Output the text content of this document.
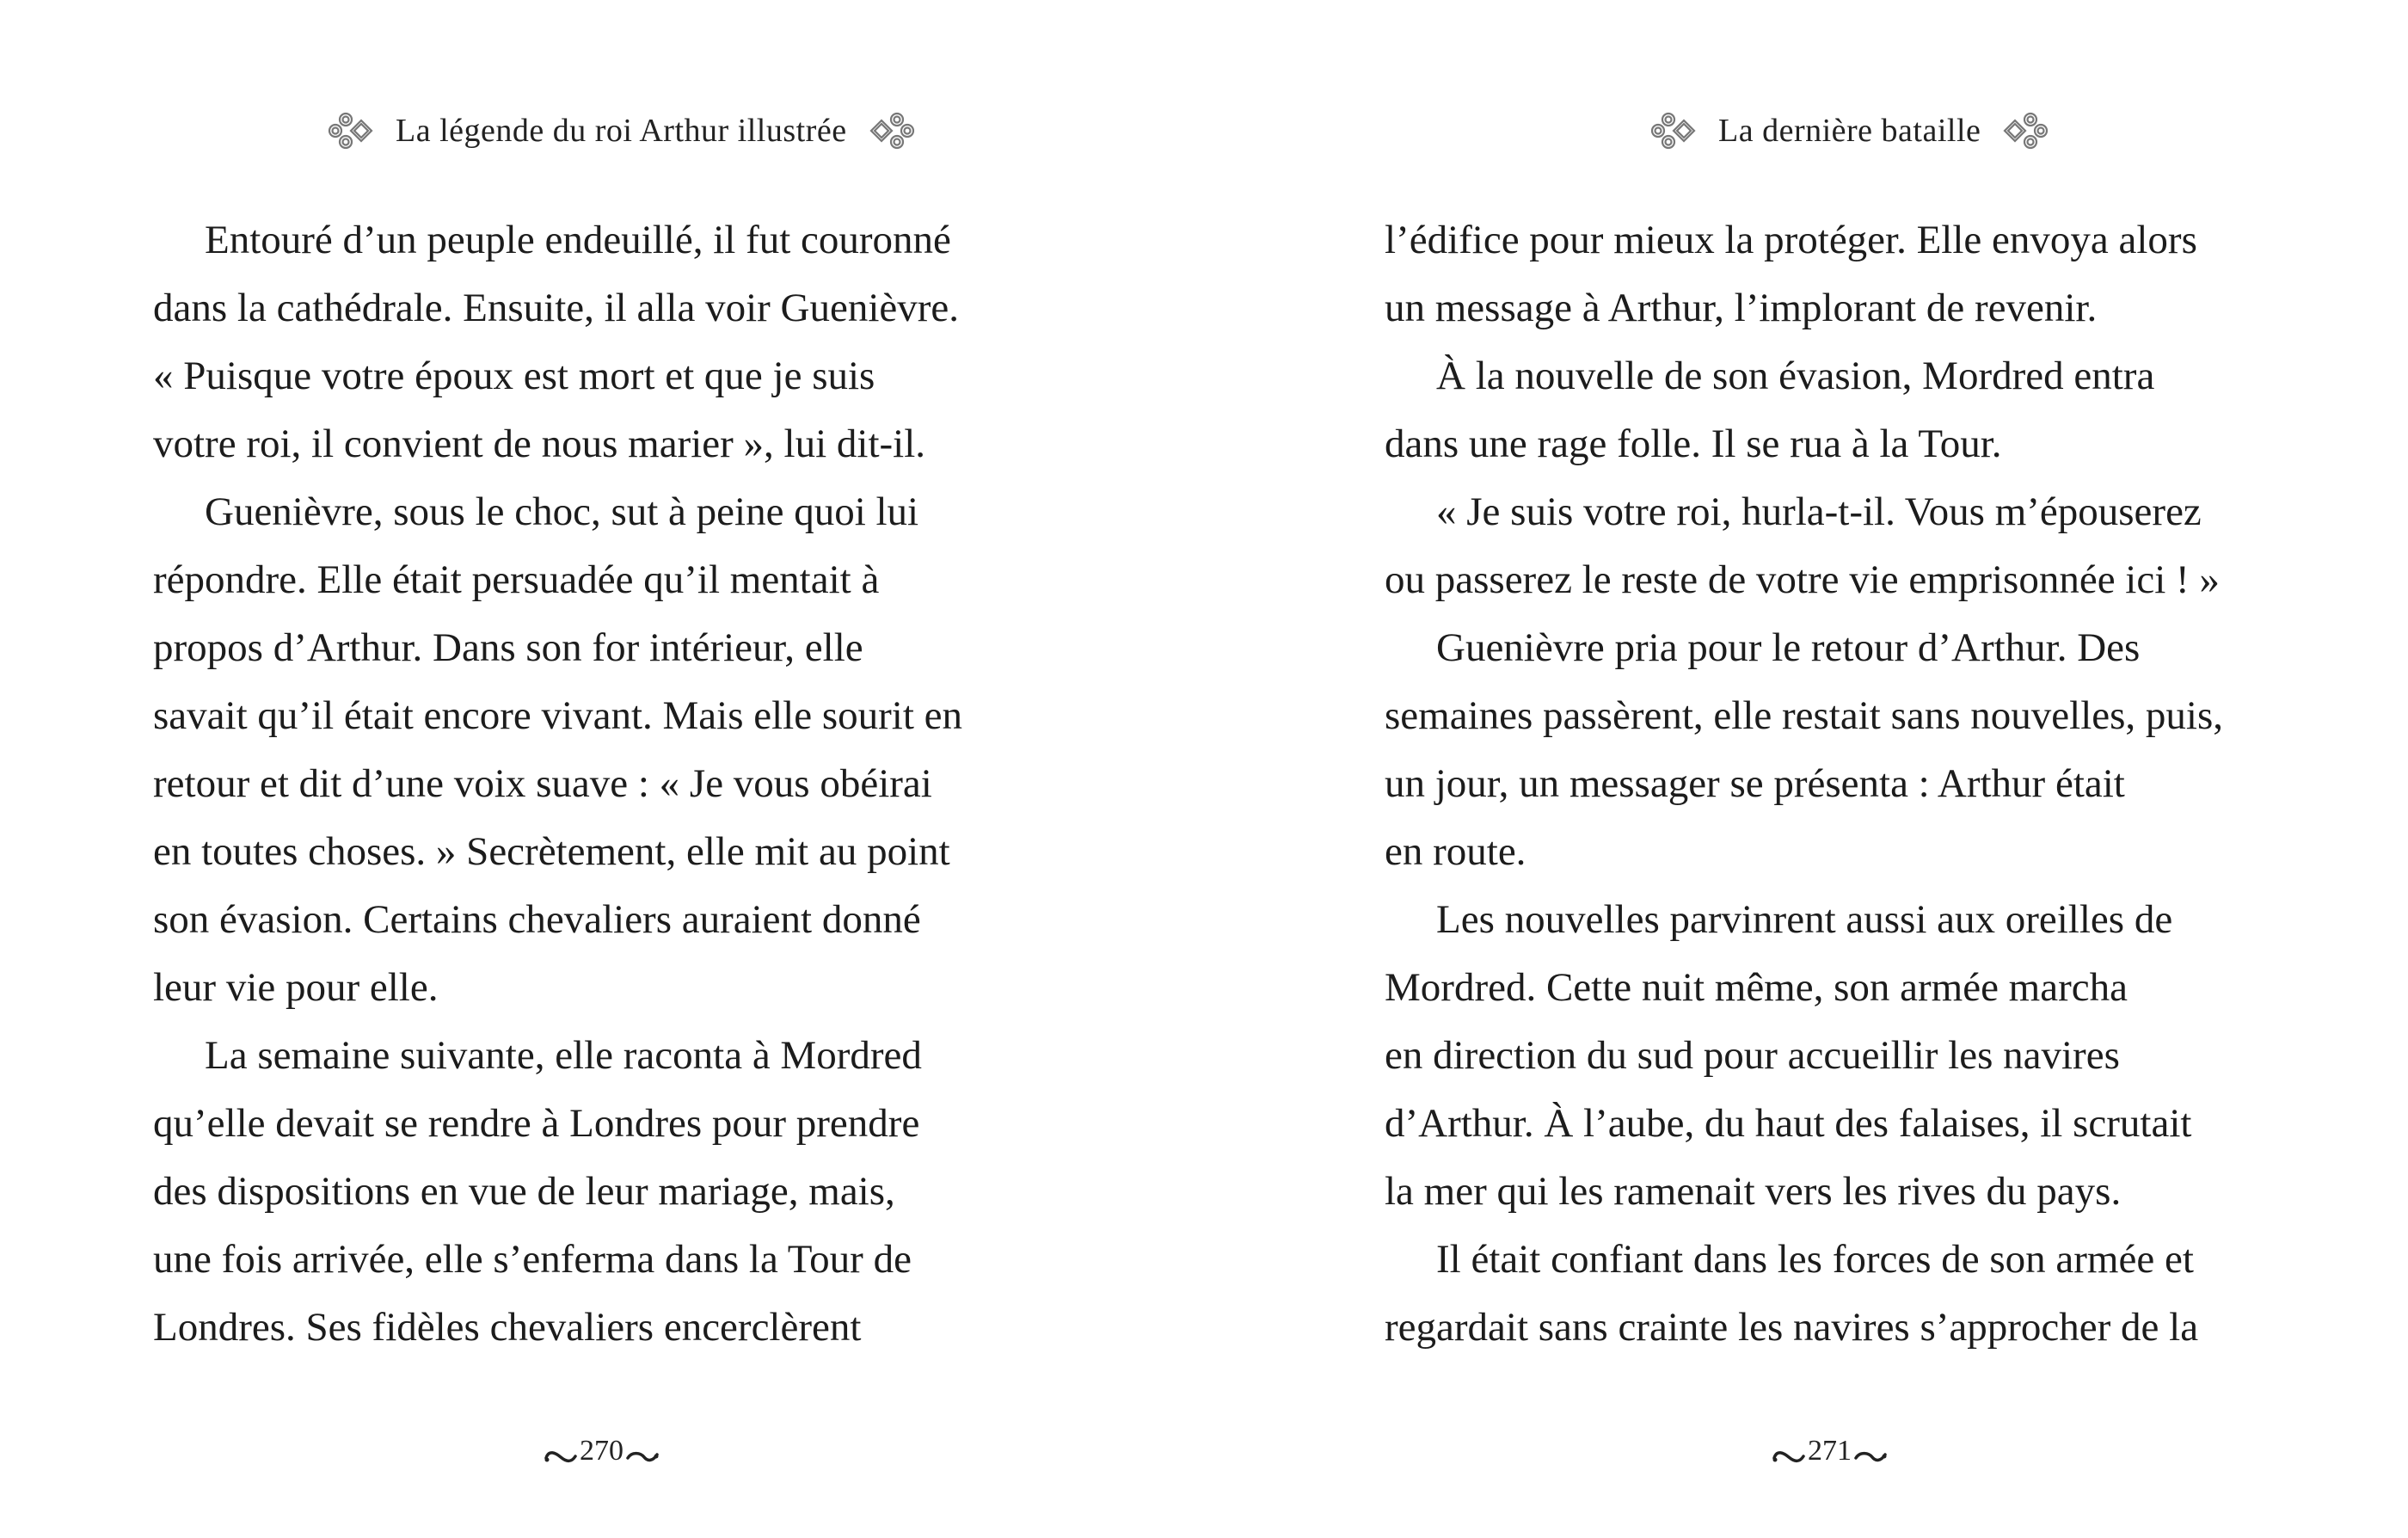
La légende du roi Arthur illustrée
Entouré d’un peuple endeuillé, il fut couronné
dans la cathédrale. Ensuite, il alla voir Guenièvre.
« Puisque votre époux est mort et que je suis
votre roi, il convient de nous marier », lui dit-il.
Guenièvre, sous le choc, sut à peine quoi lui
répondre. Elle était persuadée qu’il mentait à
propos d’Arthur. Dans son for intérieur, elle
savait qu’il était encore vivant. Mais elle sourit en
retour et dit d’une voix suave : « Je vous obéirai
en toutes choses. » Secrètement, elle mit au point
son évasion. Certains chevaliers auraient donné
leur vie pour elle.
La semaine suivante, elle raconta à Mordred
qu’elle devait se rendre à Londres pour prendre
des dispositions en vue de leur mariage, mais,
une fois arrivée, elle s’enferma dans la Tour de
Londres. Ses fidèles chevaliers encerclèrent
270
La dernière bataille
l’édifice pour mieux la protéger. Elle envoya alors
un message à Arthur, l’implorant de revenir.
À la nouvelle de son évasion, Mordred entra
dans une rage folle. Il se rua à la Tour.
« Je suis votre roi, hurla-t-il. Vous m’épouserez
ou passerez le reste de votre vie emprisonnée ici ! »
Guenièvre pria pour le retour d’Arthur. Des
semaines passèrent, elle restait sans nouvelles, puis,
un jour, un messager se présenta : Arthur était
en route.
Les nouvelles parvinrent aussi aux oreilles de
Mordred. Cette nuit même, son armée marcha
en direction du sud pour accueillir les navires
d’Arthur. À l’aube, du haut des falaises, il scrutait
la mer qui les ramenait vers les rives du pays.
Il était confiant dans les forces de son armée et
regardait sans crainte les navires s’approcher de la
271
